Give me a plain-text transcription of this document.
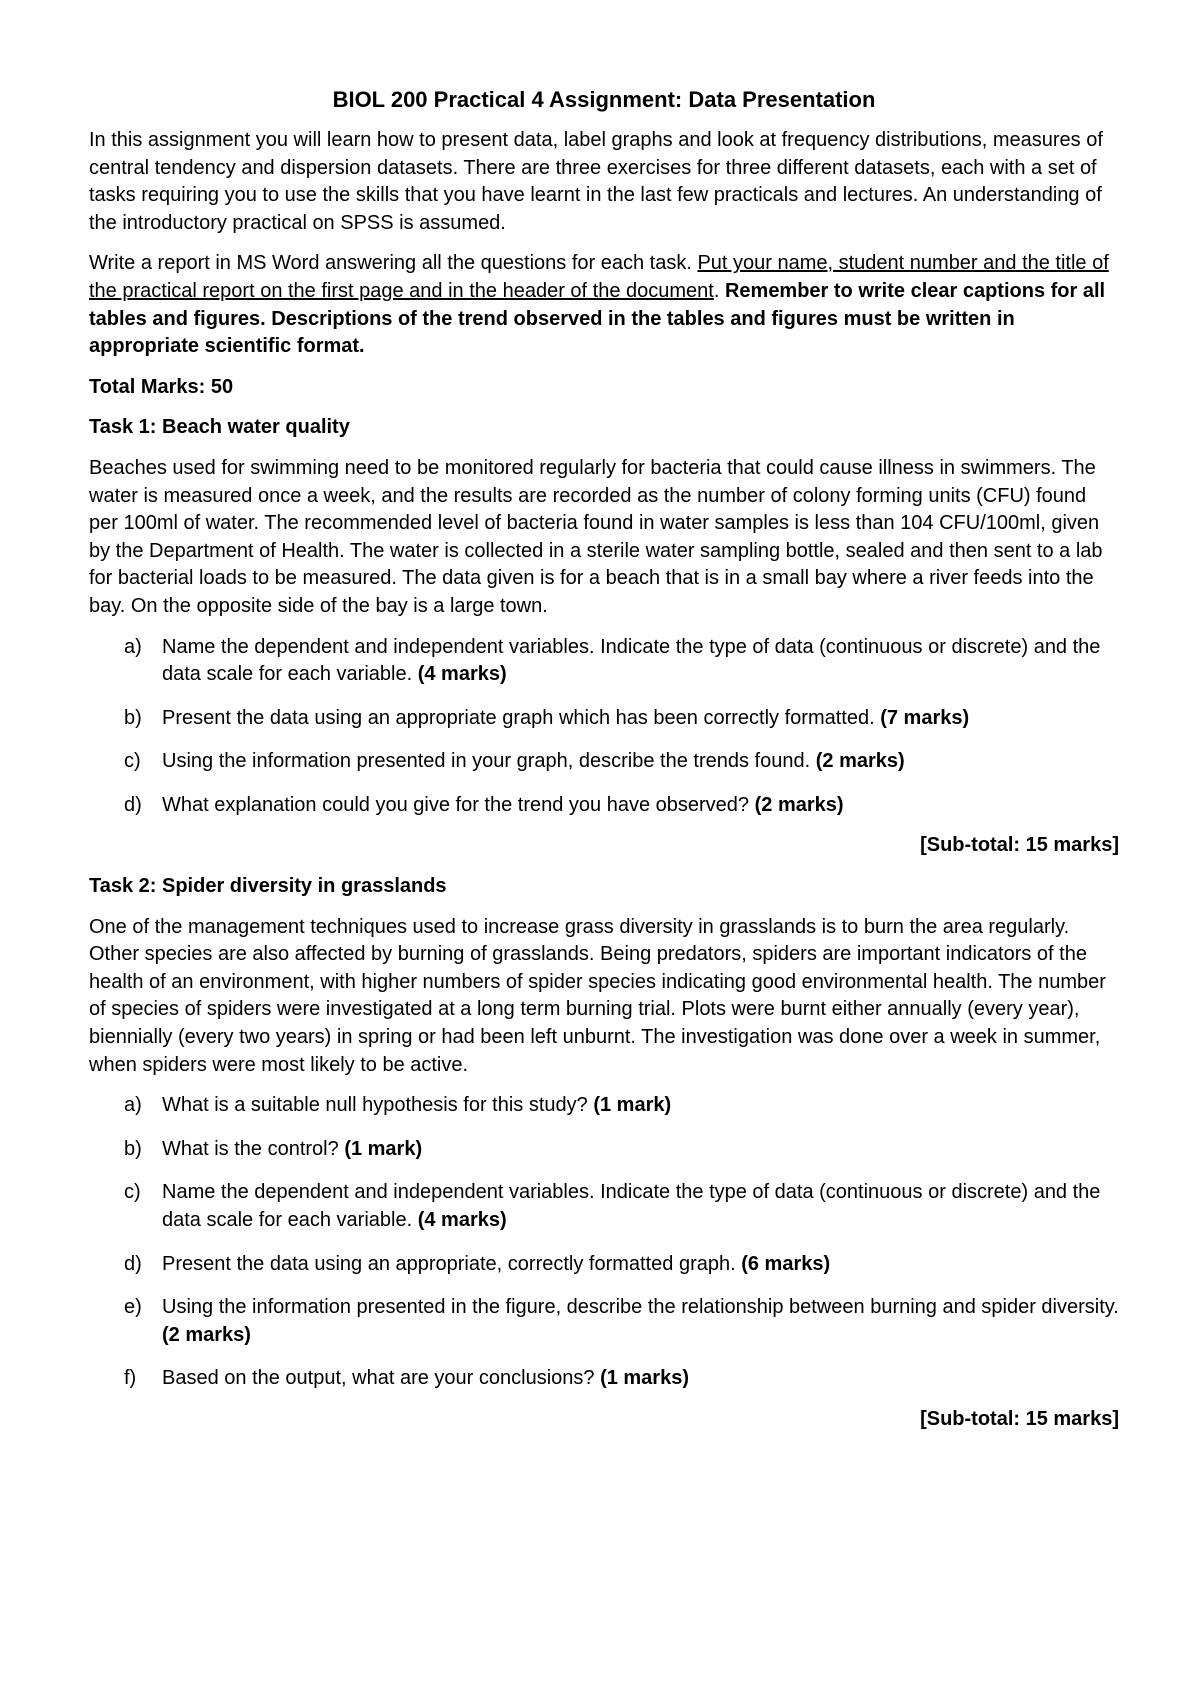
BIOL 200 Practical 4 Assignment: Data Presentation

In this assignment you will learn how to present data, label graphs and look at frequency distributions, measures of central tendency and dispersion datasets. There are three exercises for three different datasets, each with a set of tasks requiring you to use the skills that you have learnt in the last few practicals and lectures. An understanding of the introductory practical on SPSS is assumed.

Write a report in MS Word answering all the questions for each task. Put your name, student number and the title of the practical report on the first page and in the header of the document. Remember to write clear captions for all tables and figures. Descriptions of the trend observed in the tables and figures must be written in appropriate scientific format.

Total Marks: 50

Task 1: Beach water quality

Beaches used for swimming need to be monitored regularly for bacteria that could cause illness in swimmers. The water is measured once a week, and the results are recorded as the number of colony forming units (CFU) found per 100ml of water. The recommended level of bacteria found in water samples is less than 104 CFU/100ml, given by the Department of Health. The water is collected in a sterile water sampling bottle, sealed and then sent to a lab for bacterial loads to be measured. The data given is for a beach that is in a small bay where a river feeds into the bay. On the opposite side of the bay is a large town.

a) Name the dependent and independent variables. Indicate the type of data (continuous or discrete) and the data scale for each variable. (4 marks)
b) Present the data using an appropriate graph which has been correctly formatted. (7 marks)
c) Using the information presented in your graph, describe the trends found. (2 marks)
d) What explanation could you give for the trend you have observed? (2 marks)
[Sub-total: 15 marks]
Task 2: Spider diversity in grasslands

One of the management techniques used to increase grass diversity in grasslands is to burn the area regularly. Other species are also affected by burning of grasslands. Being predators, spiders are important indicators of the health of an environment, with higher numbers of spider species indicating good environmental health. The number of species of spiders were investigated at a long term burning trial. Plots were burnt either annually (every year), biennially (every two years) in spring or had been left unburnt. The investigation was done over a week in summer, when spiders were most likely to be active.

a) What is a suitable null hypothesis for this study? (1 mark)
b) What is the control? (1 mark)
c) Name the dependent and independent variables. Indicate the type of data (continuous or discrete) and the data scale for each variable. (4 marks)
d) Present the data using an appropriate, correctly formatted graph. (6 marks)
e) Using the information presented in the figure, describe the relationship between burning and spider diversity. (2 marks)
f) Based on the output, what are your conclusions? (1 marks)
[Sub-total: 15 marks]
